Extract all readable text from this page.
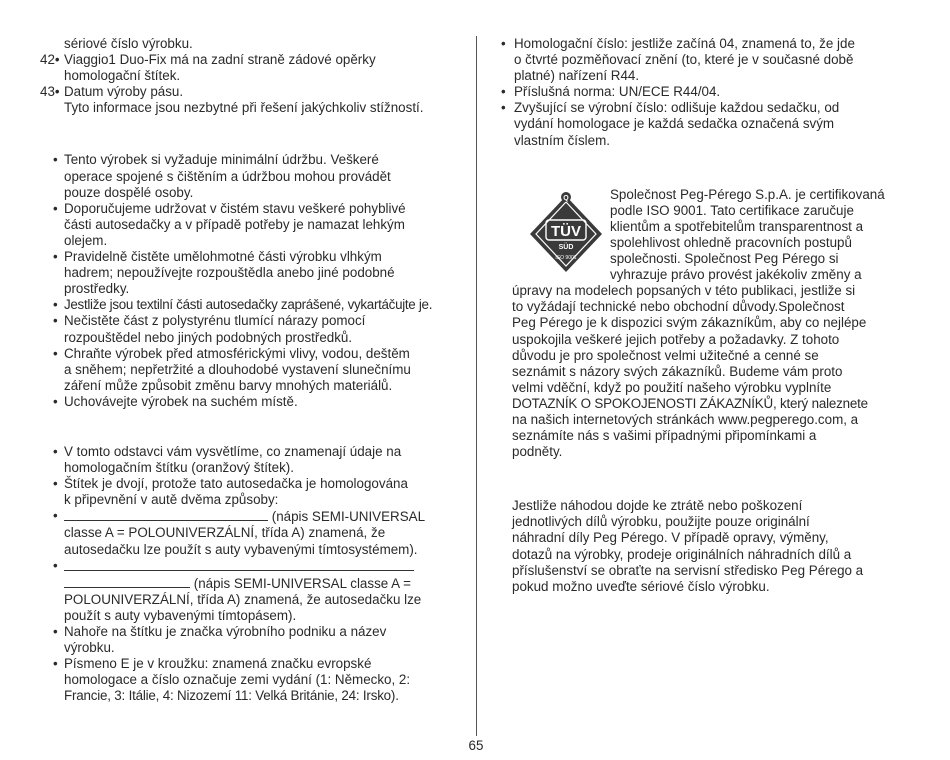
sériové číslo výrobku.
42• Viaggio1 Duo-Fix má na zadní straně zádové opěrky
homologační štítek.
43• Datum výroby pásu.
Tyto informace jsou nezbytné při řešení jakýchkoliv stížností.
• Tento výrobek si vyžaduje minimální údržbu. Veškeré
operace spojené s čištěním a údržbou mohou provádět
pouze dospělé osoby.
• Doporučujeme udržovat v čistém stavu veškeré pohyblivé
části autosedačky a v případě potřeby je namazat lehkým
olejem.
• Pravidelně čistěte umělohmotné části výrobku vlhkým
hadrem; nepoužívejte rozpouštědla anebo jiné podobné
prostředky.
• Jestliže jsou textilní části autosedačky zaprášené, vykartáčujte je.
• Nečistěte část z polystyrénu tlumící nárazy pomocí
rozpouštědel nebo jiných podobných prostředků.
• Chraňte výrobek před atmosférickými vlivy, vodou, deštěm
a sněhem; nepřetržité a dlouhodobé vystavení slunečnímu
záření může způsobit změnu barvy mnohých materiálů.
• Uchovávejte výrobek na suchém místě.
• V tomto odstavci vám vysvětlíme, co znamenají údaje na
homologačním štítku (oranžový štítek).
• Štítek je dvojí, protože tato autosedačka je homologována
k připevnění v autě dvěma způsoby:
• (nápis SEMI-UNIVERSAL
classe A = POLOUNIVERZÁLNÍ, třída A) znamená, že
autosedačku lze použít s auty vybavenými tímtosystémem).
• (nápis SEMI-UNIVERSAL classe A =
POLOUNIVERZÁLNÍ, třída A) znamená, že autosedačku lze
použít s auty vybavenými tímtopásem).
• Nahoře na štítku je značka výrobního podniku a název
výrobku.
• Písmeno E je v kroužku: znamená značku evropské
homologace a číslo označuje zemi vydání (1: Německo, 2:
Francie, 3: Itálie, 4: Nizozemí 11: Velká Británie, 24: Irsko).
• Homologační číslo: jestliže začíná 04, znamená to, že jde
o čtvrté pozměňovací znění (to, které je v současné době
platné) nařízení R44.
• Příslušná norma: UN/ECE R44/04.
• Zvyšující se výrobní číslo: odlišuje každou sedačku, od
vydání homologace je každá sedačka označená svým
vlastním číslem.
Společnost Peg-Pérego S.p.A. je certifikovaná
podle ISO 9001. Tato certifikace zaručuje
klientům a spotřebitelům transparentnost a
spolehlivost ohledně pracovních postupů
společnosti. Společnost Peg Pérego si
vyhrazuje právo provést jakékoliv změny a
úpravy na modelech popsaných v této publikaci, jestliže si
to vyžádají technické nebo obchodní důvody.Společnost
Peg Pérego je k dispozici svým zákazníkům, aby co nejlépe
uspokojila veškeré jejich potřeby a požadavky. Z tohoto
důvodu je pro společnost velmi užitečné a cenné se
seznámit s názory svých zákazníků. Budeme vám proto
velmi vděční, když po použití našeho výrobku vyplníte
DOTAZNÍK O SPOKOJENOSTI ZÁKAZNÍKŮ, který naleznete
na našich internetových stránkách www.pegperego.com, a
seznámíte nás s vašimi případnými připomínkami a
podněty.
Jestliže náhodou dojde ke ztrátě nebo poškození
jednotlivých dílů výrobku, použijte pouze originální
náhradní díly Peg Pérego. V případě opravy, výměny,
dotazů na výrobky, prodeje originálních náhradních dílů a
příslušenství se obraťte na servisní středisko Peg Pérego a
pokud možno uveďte sériové číslo výrobku.
Q
TÜV
SÜD
ISO 9001
65
